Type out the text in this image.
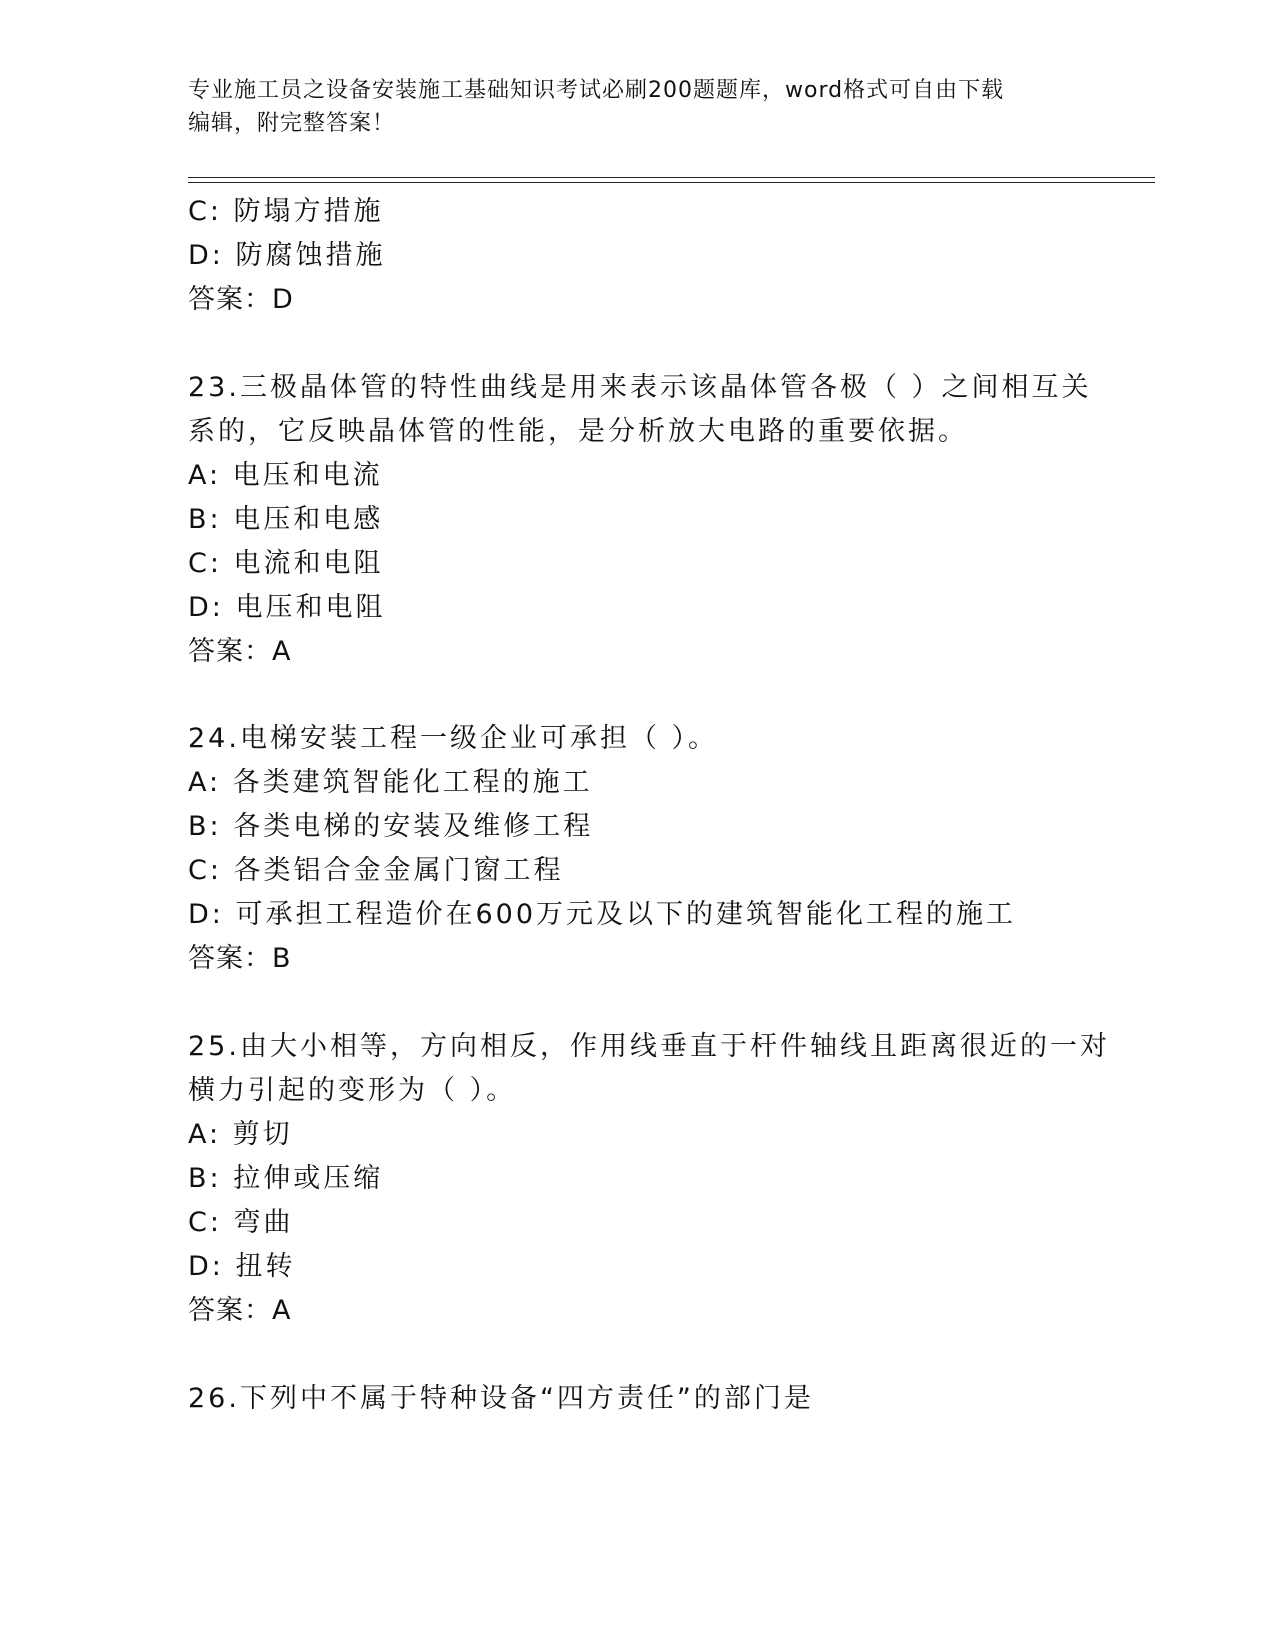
专业施工员之设备安装施工基础知识考试必刷200题题库，word格式可自由下载
编辑，附完整答案！
C: 防塌方措施
D: 防腐蚀措施
答案：D
23.三极晶体管的特性曲线是用来表示该晶体管各极（ ）之间相互关
系的，它反映晶体管的性能，是分析放大电路的重要依据。
A: 电压和电流
B: 电压和电感
C: 电流和电阻
D: 电压和电阻
答案：A
24.电梯安装工程一级企业可承担（ ）。
A: 各类建筑智能化工程的施工
B: 各类电梯的安装及维修工程
C: 各类铝合金金属门窗工程
D: 可承担工程造价在600万元及以下的建筑智能化工程的施工
答案：B
25.由大小相等，方向相反，作用线垂直于杆件轴线且距离很近的一对
横力引起的变形为（ ）。
A: 剪切
B: 拉伸或压缩
C: 弯曲
D: 扭转
答案：A
26.下列中不属于特种设备“四方责任”的部门是
